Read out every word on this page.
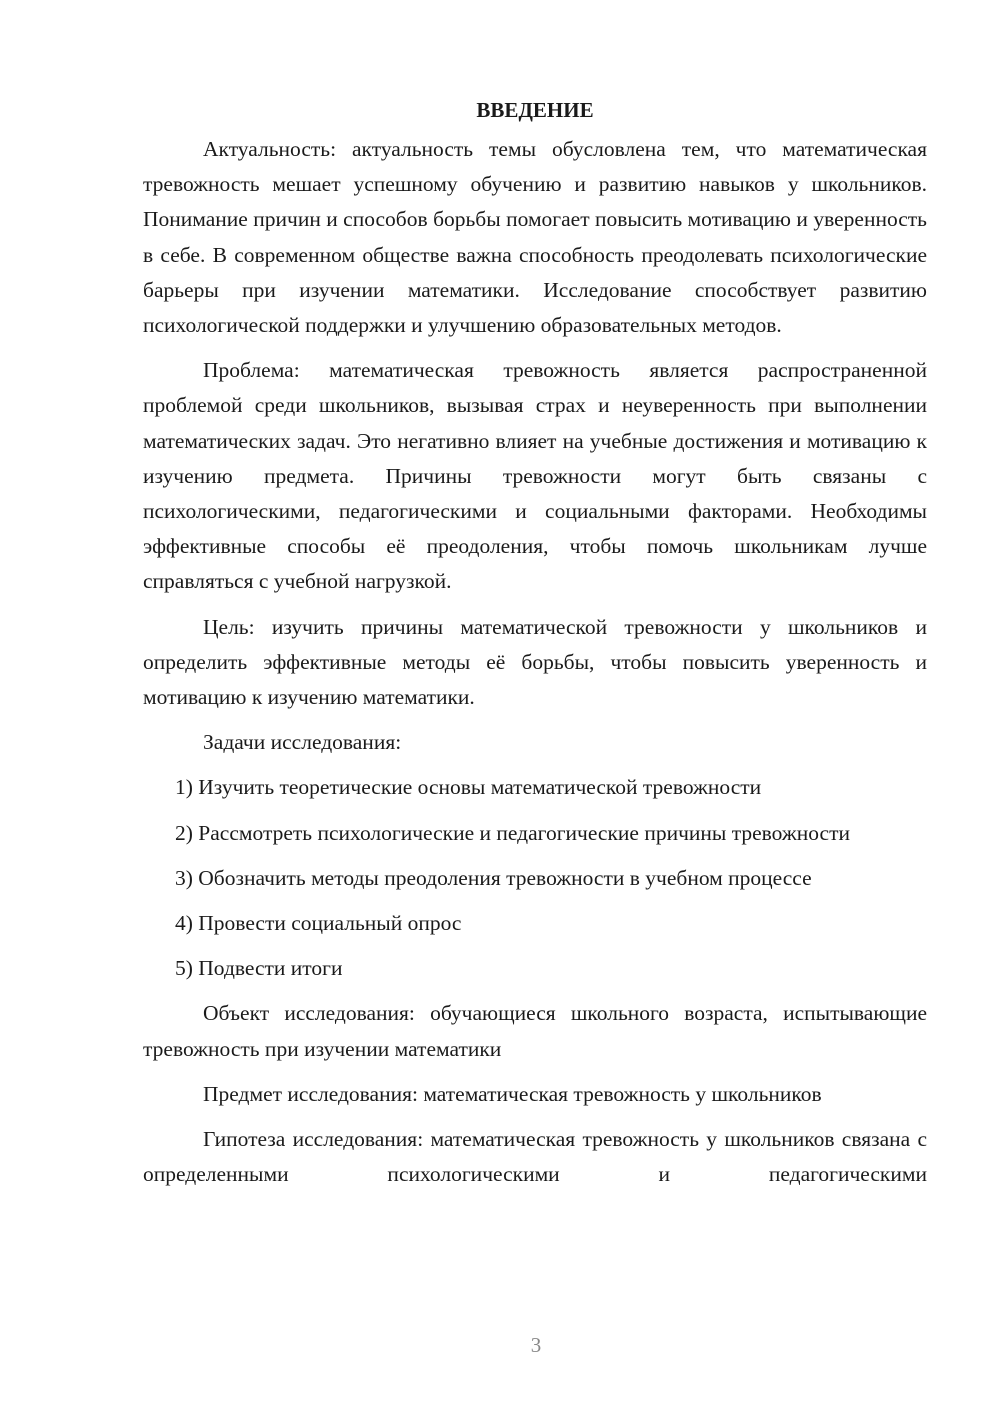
ВВЕДЕНИЕ

Актуальность: актуальность темы обусловлена тем, что математическая тревожность мешает успешному обучению и развитию навыков у школьников. Понимание причин и способов борьбы помогает повысить мотивацию и уверенность в себе. В современном обществе важна способность преодолевать психологические барьеры при изучении математики. Исследование способствует развитию психологической поддержки и улучшению образовательных методов.

Проблема: математическая тревожность является распространенной проблемой среди школьников, вызывая страх и неуверенность при выполнении математических задач. Это негативно влияет на учебные достижения и мотивацию к изучению предмета. Причины тревожности могут быть связаны с психологическими, педагогическими и социальными факторами. Необходимы эффективные способы её преодоления, чтобы помочь школьникам лучше справляться с учебной нагрузкой.

Цель: изучить причины математической тревожности у школьников и определить эффективные методы её борьбы, чтобы повысить уверенность и мотивацию к изучению математики.

Задачи исследования:

1) Изучить теоретические основы математической тревожности

2) Рассмотреть психологические и педагогические причины тревожности

3) Обозначить методы преодоления тревожности в учебном процессе

4) Провести социальный опрос

5) Подвести итоги

Объект исследования: обучающиеся школьного возраста, испытывающие тревожность при изучении математики

Предмет исследования: математическая тревожность у школьников

Гипотеза исследования: математическая тревожность у школьников связана с определенными психологическими и педагогическими

3
